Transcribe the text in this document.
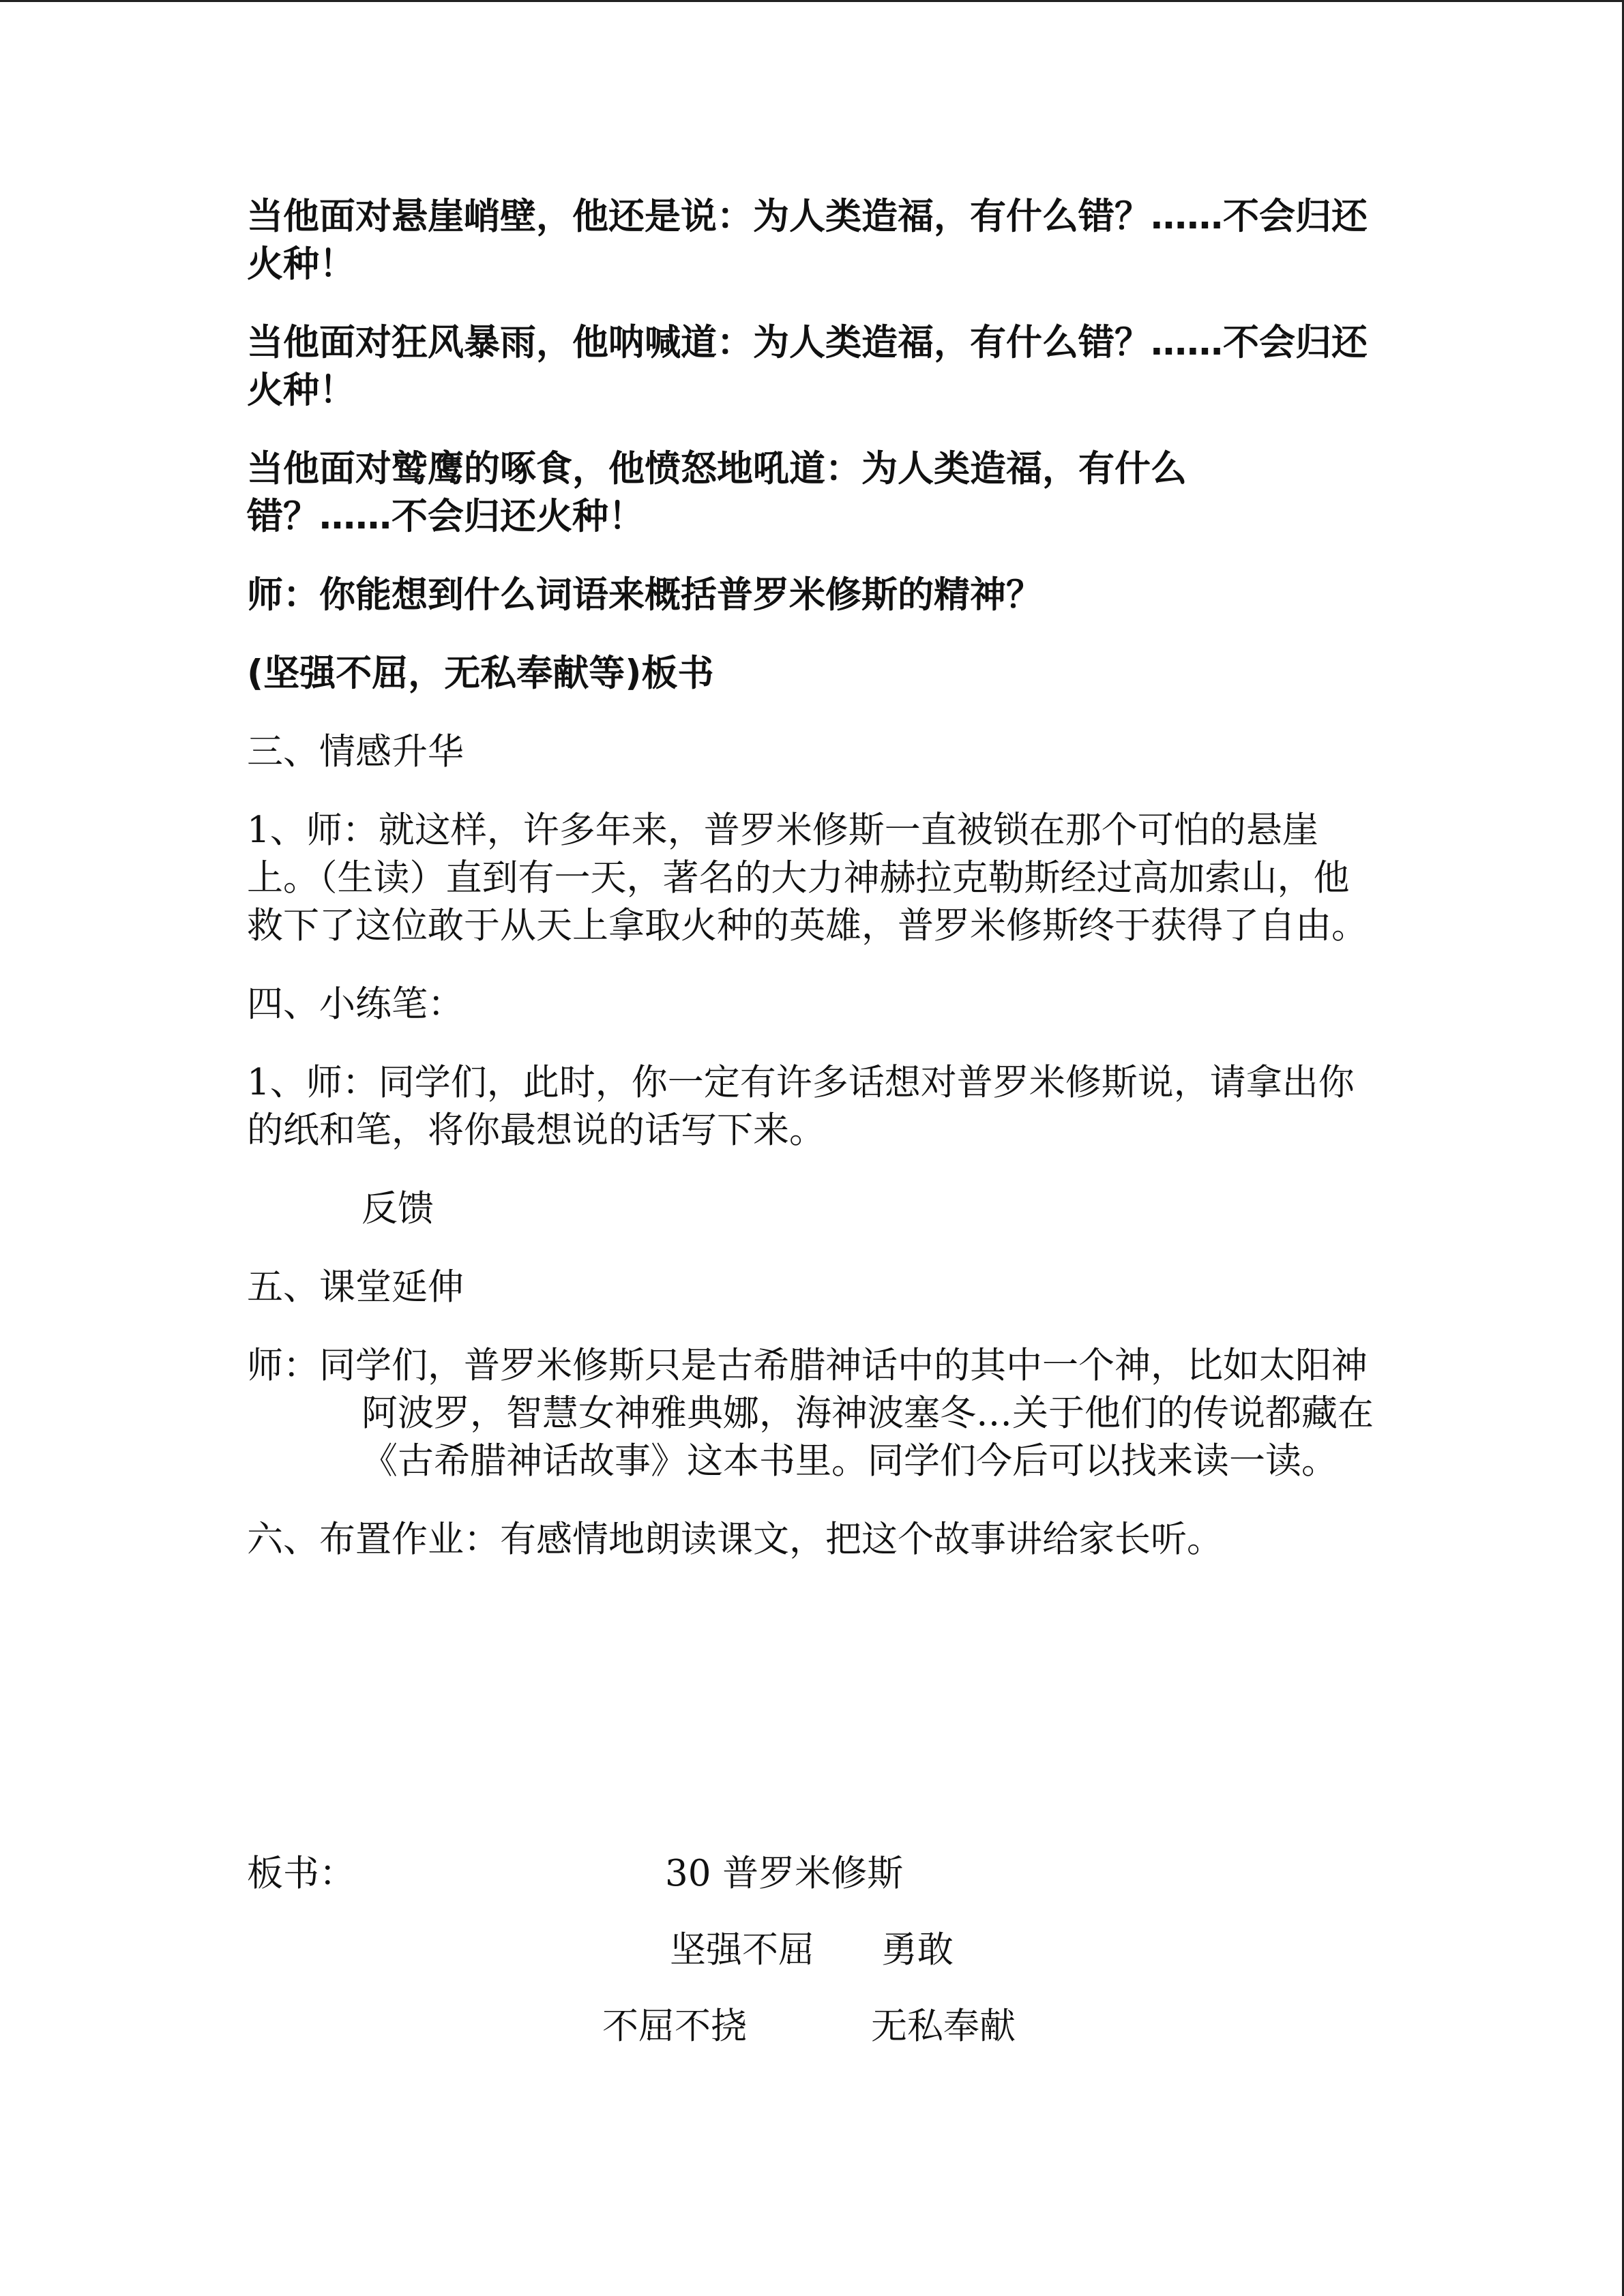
当他面对悬崖峭壁，他还是说：为人类造福，有什么错？……不会归还火种！

当他面对狂风暴雨，他呐喊道：为人类造福，有什么错？……不会归还火种！

当他面对鹫鹰的啄食，他愤怒地吼道：为人类造福，有什么错？……不会归还火种！

师：你能想到什么词语来概括普罗米修斯的精神？

(坚强不屈，无私奉献等)板书

三、情感升华

1、师：就这样，许多年来，普罗米修斯一直被锁在那个可怕的悬崖上。（生读）直到有一天，著名的大力神赫拉克勒斯经过高加索山，他救下了这位敢于从天上拿取火种的英雄，普罗米修斯终于获得了自由。

四、小练笔：

1、师：同学们，此时，你一定有许多话想对普罗米修斯说，请拿出你的纸和笔，将你最想说的话写下来。

反馈

五、课堂延伸

师：同学们，普罗米修斯只是古希腊神话中的其中一个神，比如太阳神阿波罗，智慧女神雅典娜，海神波塞冬…关于他们的传说都藏在《古希腊神话故事》这本书里。同学们今后可以找来读一读。

六、布置作业：有感情地朗读课文，把这个故事讲给家长听。

板书：	30 普罗米修斯
坚强不屈 勇敢
不屈不挠	无私奉献
